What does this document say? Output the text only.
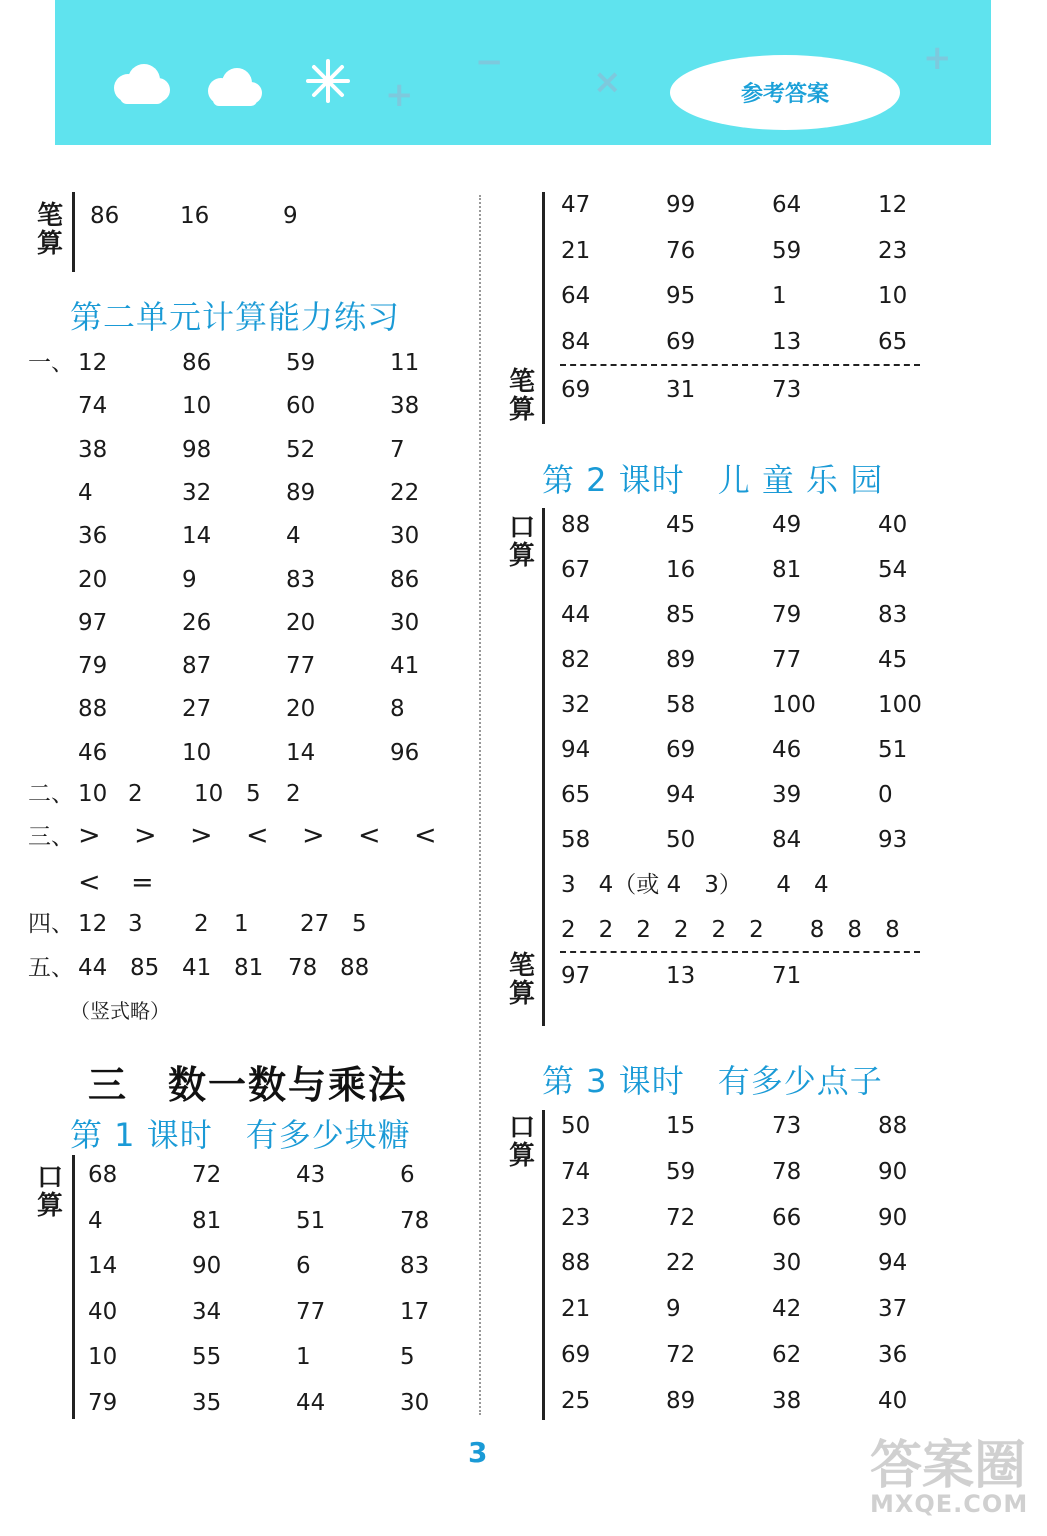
+
−	×
+
参考答案
笔
算
86	16	9
第二单元计算能力练习
一、 12	86	59	11
74	10	60	38
38	98	52	7
4	32	89	22
36	14	4	30
20	9	83	86
97	26	20	30
79	87	77	41
88	27	20	8
46	10	14	96
二、 10 2 10 5 2
三、 > > > < > < <
< =
四、 12 3 2 1 27 5
五、 44 85 41 81 78 88
（竖式略）
三　数一数与乘法
第 1 课时　有多少块糖
口
算
68	72	43	6
4	81	51	78
14	90	6	83
40	34	77	17
10	55	1	5
79	35	44	30
47	99	64	12
21	76	59	23
64	95	1	10
84	69	13	65
笔
算
69	31	73
第 2 课时　儿 童 乐 园
口
算
88	45	49	40
67	16	81	54
44	85	79	83
82	89	77	45
32	58	100	100
94	69	46	51
65	94	39	0
58	50	84	93
3　4（或 4　3）　　4　4
2　2　2　2　2　2　　8　8　8
笔
算
97	13	71
第 3 课时　有多少点子
口
算
50	15	73	88
74	59	78	90
23	72	66	90
88	22	30	94
21	9	42	37
69	72	62	36
25	89	38	40
3	答案圈
MXQE.COM
